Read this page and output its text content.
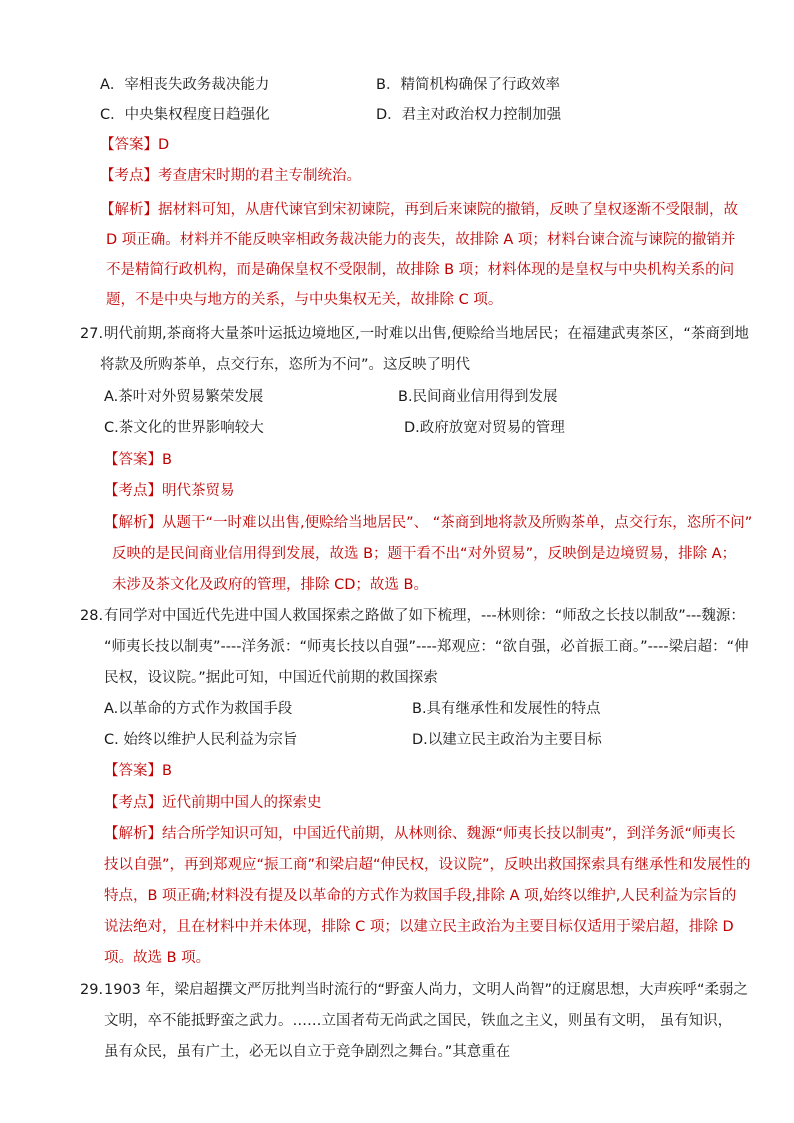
A．宰相丧失政务裁决能力	B．精简机构确保了行政效率
C．中央集权程度日趋强化	D．君主对政治权力控制加强
【答案】D
【考点】考查唐宋时期的君主专制统治。
【解析】据材料可知，从唐代谏官到宋初谏院，再到后来谏院的撤销，反映了皇权逐渐不受限制，故
D 项正确。材料并不能反映宰相政务裁决能力的丧失，故排除 A 项；材料台谏合流与谏院的撤销并
不是精简行政机构，而是确保皇权不受限制，故排除 B 项；材料体现的是皇权与中央机构关系的问
题，不是中央与地方的关系，与中央集权无关，故排除 C 项。
27. 明代前期,茶商将大量茶叶运抵边境地区,一时难以出售,便赊给当地居民；在福建武夷茶区，“茶商到地
将款及所购茶单，点交行东，恣所为不问”。这反映了明代
A.茶叶对外贸易繁荣发展	B.民间商业信用得到发展
C.茶文化的世界影响较大	D.政府放宽对贸易的管理
【答案】B
【考点】明代茶贸易
【解析】从题干“一时难以出售,便赊给当地居民”、 “茶商到地将款及所购茶单，点交行东，恣所不问”
反映的是民间商业信用得到发展，故选 B；题干看不出“对外贸易”，反映倒是边境贸易，排除 A；
未涉及茶文化及政府的管理，排除 CD；故选 B。
28. 有同学对中国近代先进中国人救国探索之路做了如下梳理，---林则徐：“师敌之长技以制敌”---魏源：
“师夷长技以制夷”----洋务派：“师夷长技以自强”----郑观应：“欲自强，必首振工商。”----梁启超：“伸
民权，设议院。”据此可知，中国近代前期的救国探索
A.以革命的方式作为救国手段	B.具有继承性和发展性的特点
C. 始终以维护人民利益为宗旨	D.以建立民主政治为主要目标
【答案】B
【考点】近代前期中国人的探索史
【解析】结合所学知识可知，中国近代前期，从林则徐、魏源“师夷长技以制夷”，到洋务派“师夷长
技以自强”，再到郑观应“振工商”和梁启超“伸民权，设议院”，反映出救国探索具有继承性和发展性的
特点，B 项正确;材料没有提及以革命的方式作为救国手段,排除 A 项,始终以维护,人民利益为宗旨的
说法绝对，且在材料中并未体现，排除 C 项；以建立民主政治为主要目标仅适用于梁启超，排除 D
项。故选 B 项。
29. 1903 年，梁启超撰文严厉批判当时流行的“野蛮人尚力，文明人尚智”的迂腐思想，大声疾呼“柔弱之
文明，卒不能抵野蛮之武力。……立国者苟无尚武之国民，铁血之主义，则虽有文明， 虽有知识，
虽有众民，虽有广土，必无以自立于竞争剧烈之舞台。”其意重在
